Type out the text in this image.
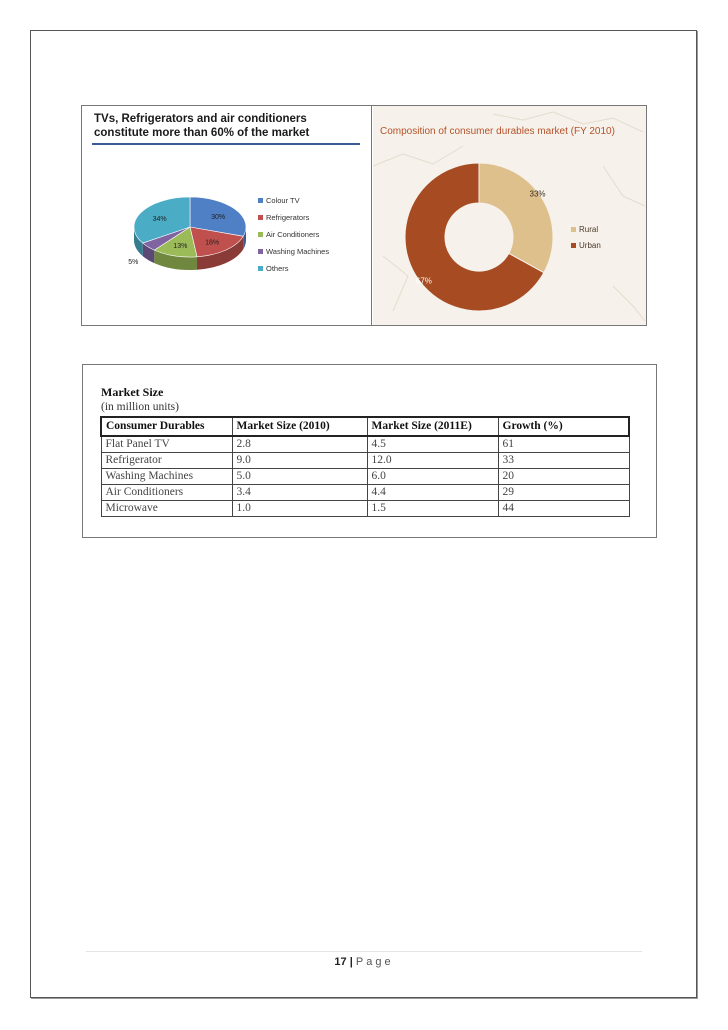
TVs, Refrigerators and air conditioners constitute more than 60% of the market
30%
18%
13%
5%
34%
Colour TV
Refrigerators
Air Conditioners
Washing Machines
Others
Composition of consumer durables market (FY 2010)
33%
67%
Rural
Urban
Market Size
(in million units)
Consumer Durables	Market Size (2010)	Market Size (2011E)	Growth (%)
Flat Panel TV	2.8	4.5	61
Refrigerator	9.0	12.0	33
Washing Machines	5.0	6.0	20
Air Conditioners	3.4	4.4	29
Microwave	1.0	1.5	44
17 | Page
